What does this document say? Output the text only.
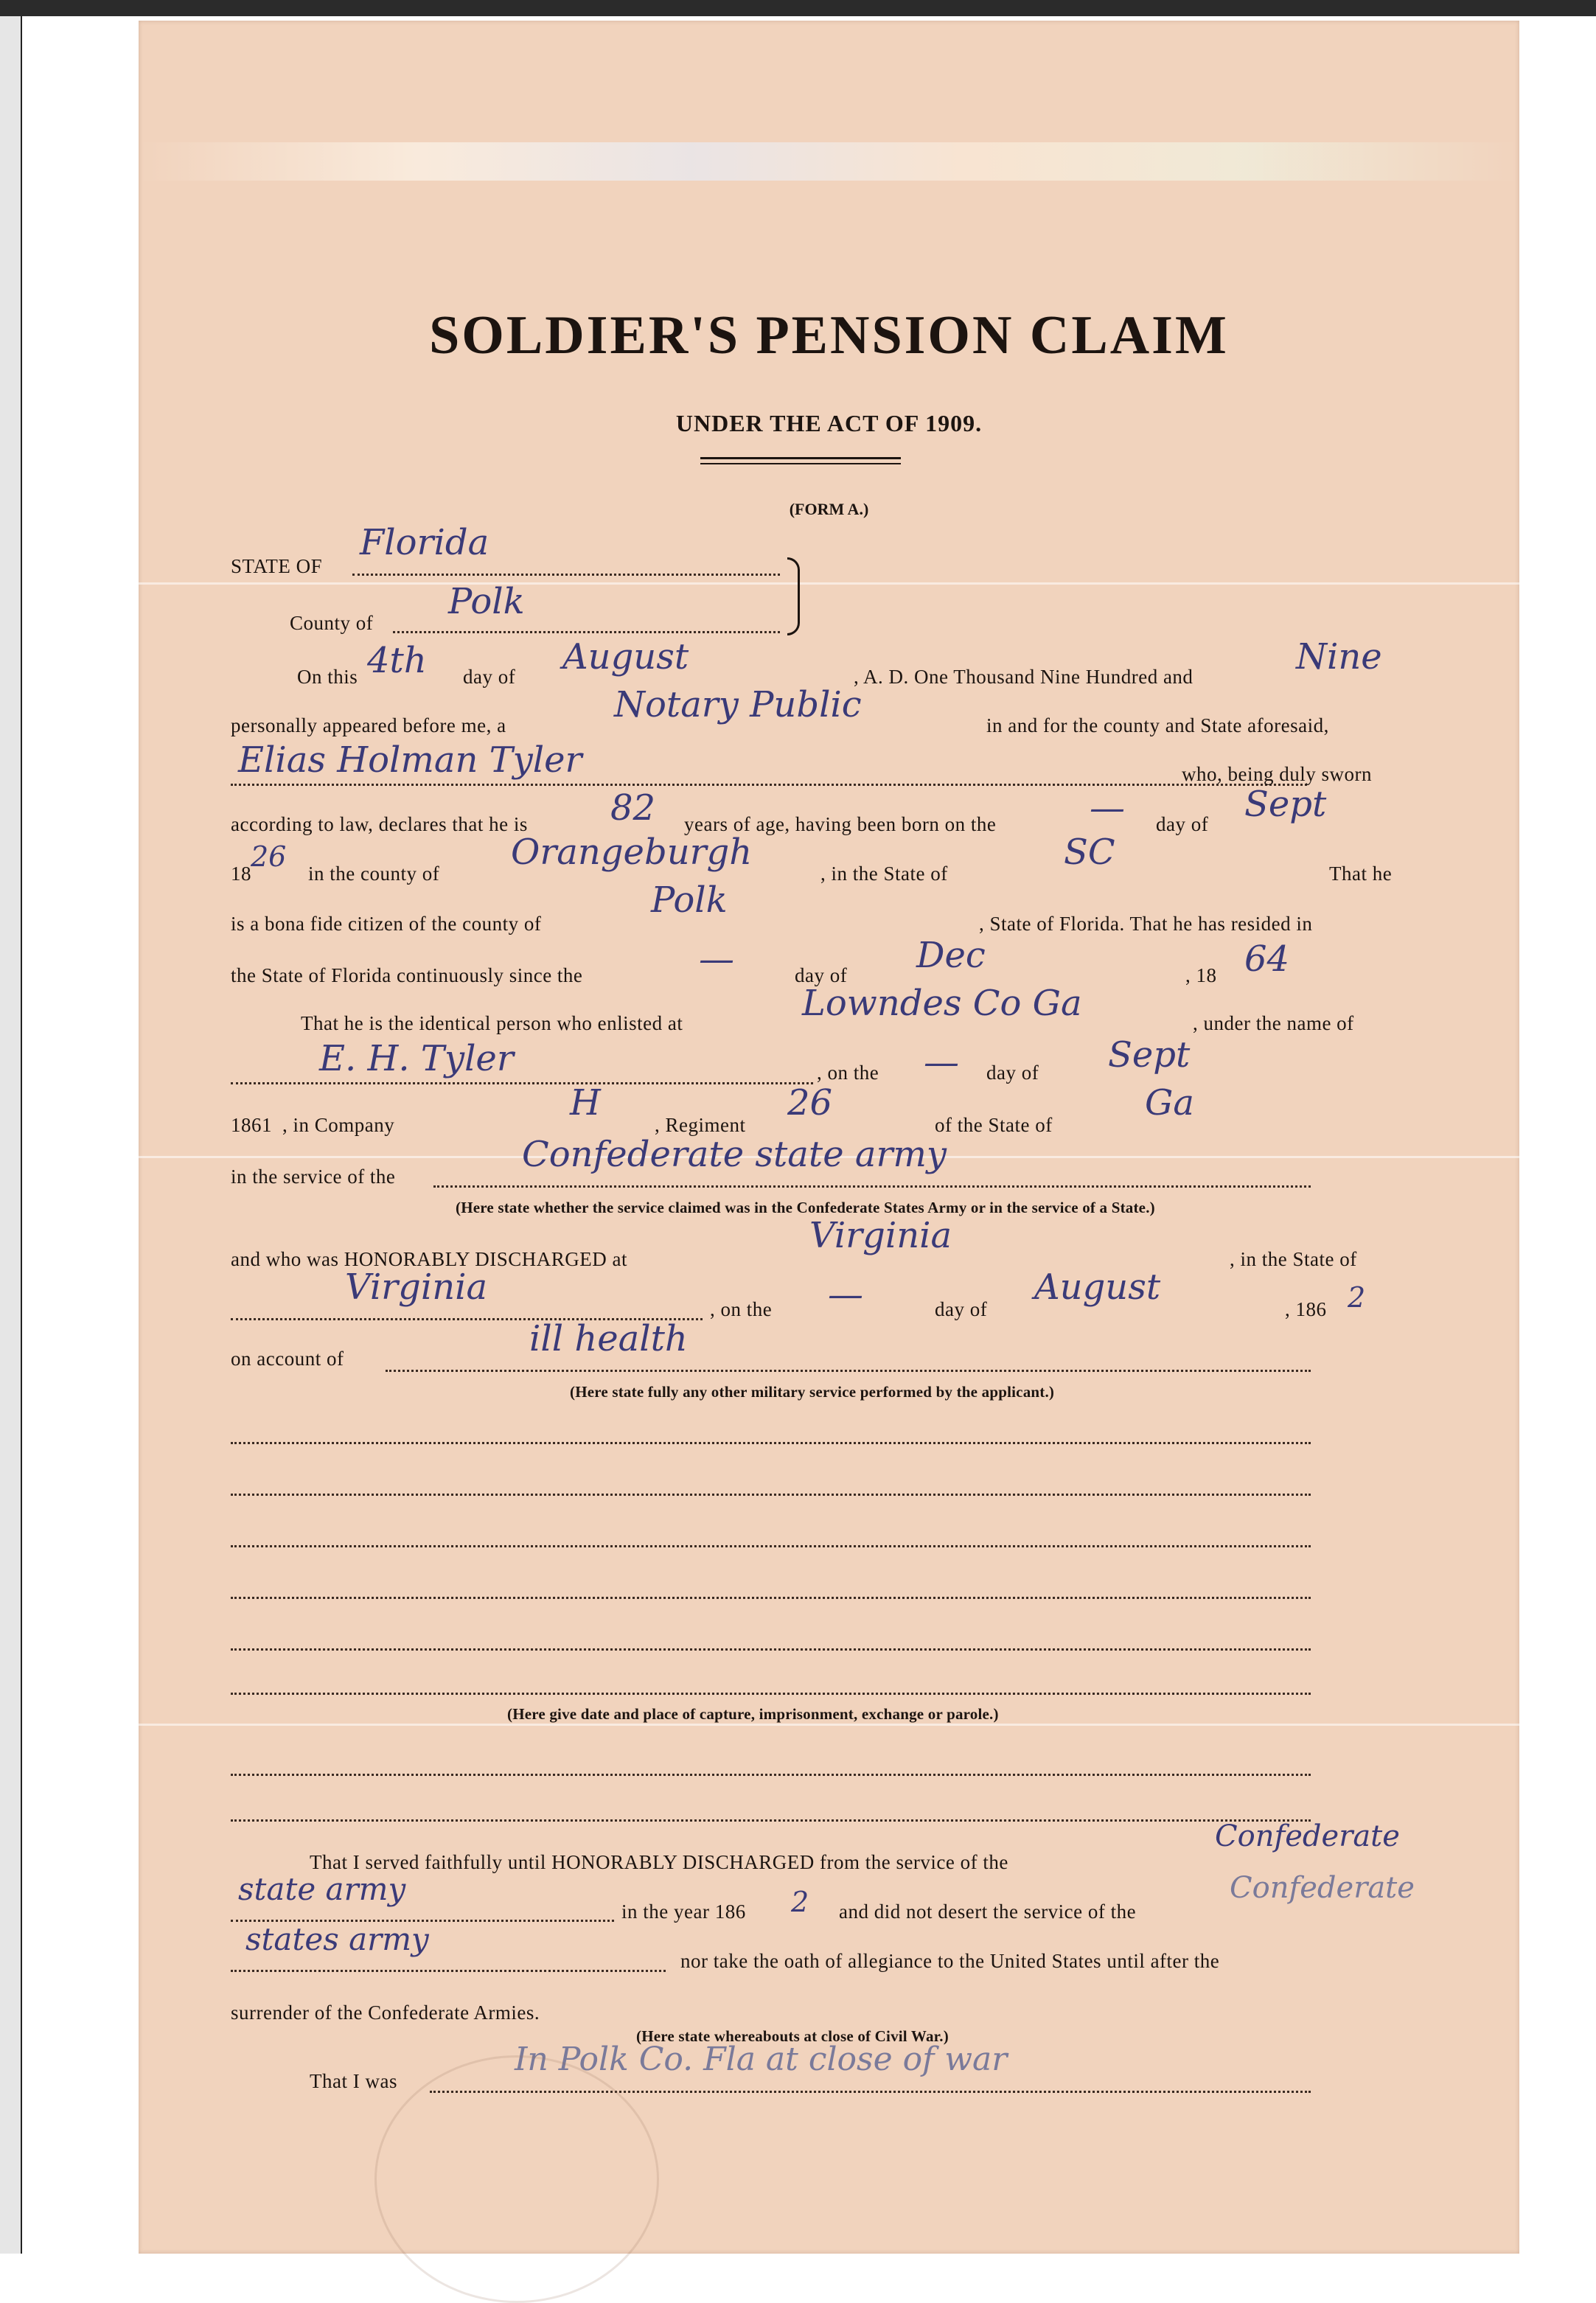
SOLDIER'S PENSION CLAIM
UNDER THE ACT OF 1909.
(FORM A.)
STATE OF
Florida
County of
Polk
On this 4th day of August	, A. D. One Thousand Nine Hundred and	Nine
personally appeared before me, a	Notary Public	in and for the county and State aforesaid,
Elias Holman Tyler	who, being duly sworn
according to law, declares that he is 82 years of age, having been born on the	— day of Sept
18
26
in the county of
Orangeburgh
, in the State of
SC
That he
is a bona fide citizen of the county of
Polk
, State of Florida. That he has resided in
the State of Florida continuously since the	—	day of Dec	, 18 64
That he is the identical person who enlisted at	Lowndes Co Ga	, under the name of
E. H. Tyler	, on the — day of Sept
1861 , in Company
H
, Regiment
26
of the State of
Ga
in the service of the
Confederate state army
(Here state whether the service claimed was in the Confederate States Army or in the service of a State.)
and who was HONORABLY DISCHARGED at
Virginia
, in the State of
Virginia
, on the —	day of
August
, 186 2
on account of	ill health
(Here state fully any other military service performed by the applicant.)
(Here give date and place of capture, imprisonment, exchange or parole.)
That I served faithfully until HONORABLY DISCHARGED from the service of the
Confederate
state army
in the year 186 2 and did not desert the service of the
Confederate
states army
nor take the oath of allegiance to the United States until after the
surrender of the Confederate Armies.
(Here state whereabouts at close of Civil War.)
That I was
In Polk Co. Fla at close of war
